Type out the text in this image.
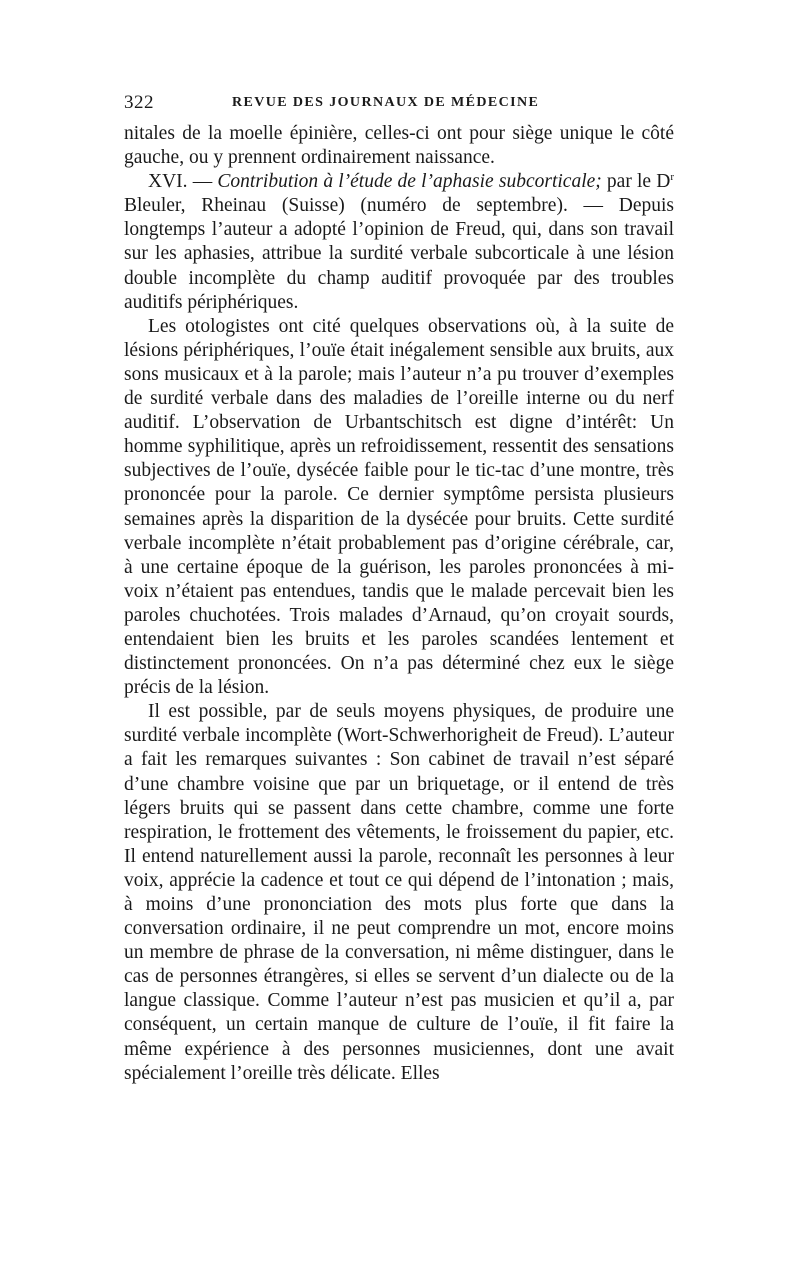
322	REVUE DES JOURNAUX DE MÉDECINE

nitales de la moelle épinière, celles-ci ont pour siège unique le côté gauche, ou y prennent ordinairement naissance.

XVI. — Contribution à l’étude de l’aphasie subcorticale; par le $D^r$ Bleuler, Rheinau (Suisse) (numéro de septembre). — Depuis longtemps l’auteur a adopté l’opinion de Freud, qui, dans son travail sur les aphasies, attribue la surdité verbale subcorticale à une lésion double incomplète du champ auditif provoquée par des troubles auditifs périphériques.

Les otologistes ont cité quelques observations où, à la suite de lésions périphériques, l’ouïe était inégalement sensible aux bruits, aux sons musicaux et à la parole; mais l’auteur n’a pu trouver d’exemples de surdité verbale dans des maladies de l’oreille interne ou du nerf auditif. L’observation de Urbantschitsch est digne d’intérêt: Un homme syphilitique, après un refroidissement, ressentit des sensations subjectives de l’ouïe, dysécée faible pour le tic-tac d’une montre, très prononcée pour la parole. Ce dernier symptôme persista plusieurs semaines après la disparition de la dysécée pour bruits. Cette surdité verbale incomplète n’était probablement pas d’origine cérébrale, car, à une certaine époque de la guérison, les paroles prononcées à mi-voix n’étaient pas entendues, tandis que le malade percevait bien les paroles chuchotées. Trois malades d’Arnaud, qu’on croyait sourds, entendaient bien les bruits et les paroles scandées lentement et distinctement prononcées. On n’a pas déterminé chez eux le siège précis de la lésion.

Il est possible, par de seuls moyens physiques, de produire une surdité verbale incomplète (Wort-Schwerhorigheit de Freud). L’auteur a fait les remarques suivantes : Son cabinet de travail n’est séparé d’une chambre voisine que par un briquetage, or il entend de très légers bruits qui se passent dans cette chambre, comme une forte respiration, le frottement des vêtements, le froissement du papier, etc. Il entend naturellement aussi la parole, reconnaît les personnes à leur voix, apprécie la cadence et tout ce qui dépend de l’intonation ; mais, à moins d’une prononciation des mots plus forte que dans la conversation ordinaire, il ne peut comprendre un mot, encore moins un membre de phrase de la conversation, ni même distinguer, dans le cas de personnes étrangères, si elles se servent d’un dialecte ou de la langue classique. Comme l’auteur n’est pas musicien et qu’il a, par conséquent, un certain manque de culture de l’ouïe, il fit faire la même expérience à des personnes musiciennes, dont une avait spécialement l’oreille très délicate. Elles
